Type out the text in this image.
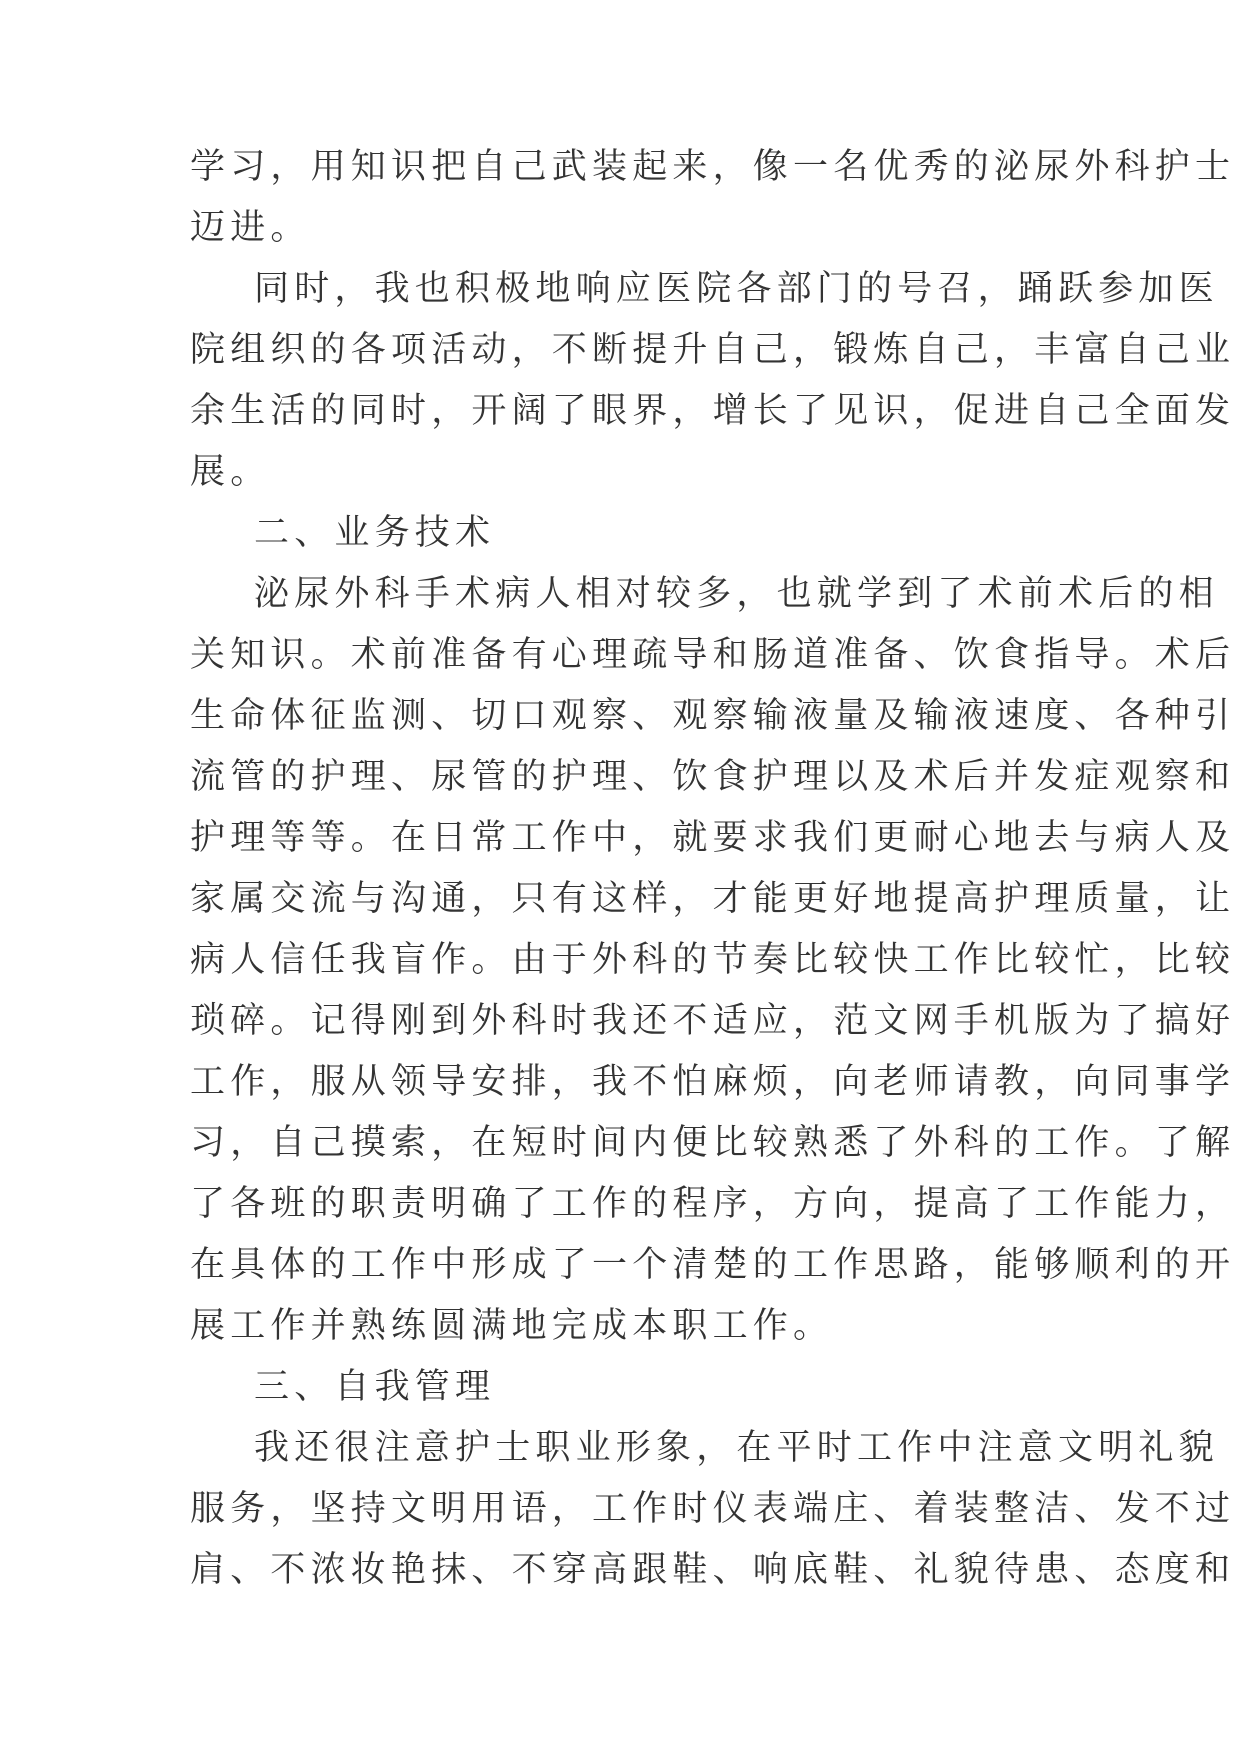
学习，用知识把自己武装起来，像一名优秀的泌尿外科护士
迈进。
同时，我也积极地响应医院各部门的号召，踊跃参加医
院组织的各项活动，不断提升自己，锻炼自己，丰富自己业
余生活的同时，开阔了眼界，增长了见识，促进自己全面发
展。
二、业务技术
泌尿外科手术病人相对较多，也就学到了术前术后的相
关知识。术前准备有心理疏导和肠道准备、饮食指导。术后
生命体征监测、切口观察、观察输液量及输液速度、各种引
流管的护理、尿管的护理、饮食护理以及术后并发症观察和
护理等等。在日常工作中，就要求我们更耐心地去与病人及
家属交流与沟通，只有这样，才能更好地提高护理质量，让
病人信任我盲作。由于外科的节奏比较快工作比较忙，比较
琐碎。记得刚到外科时我还不适应，范文网手机版为了搞好
工作，服从领导安排，我不怕麻烦，向老师请教，向同事学
习，自己摸索，在短时间内便比较熟悉了外科的工作。了解
了各班的职责明确了工作的程序，方向，提高了工作能力，
在具体的工作中形成了一个清楚的工作思路，能够顺利的开
展工作并熟练圆满地完成本职工作。
三、自我管理
我还很注意护士职业形象，在平时工作中注意文明礼貌
服务，坚持文明用语，工作时仪表端庄、着装整洁、发不过
肩、不浓妆艳抹、不穿高跟鞋、响底鞋、礼貌待患、态度和
